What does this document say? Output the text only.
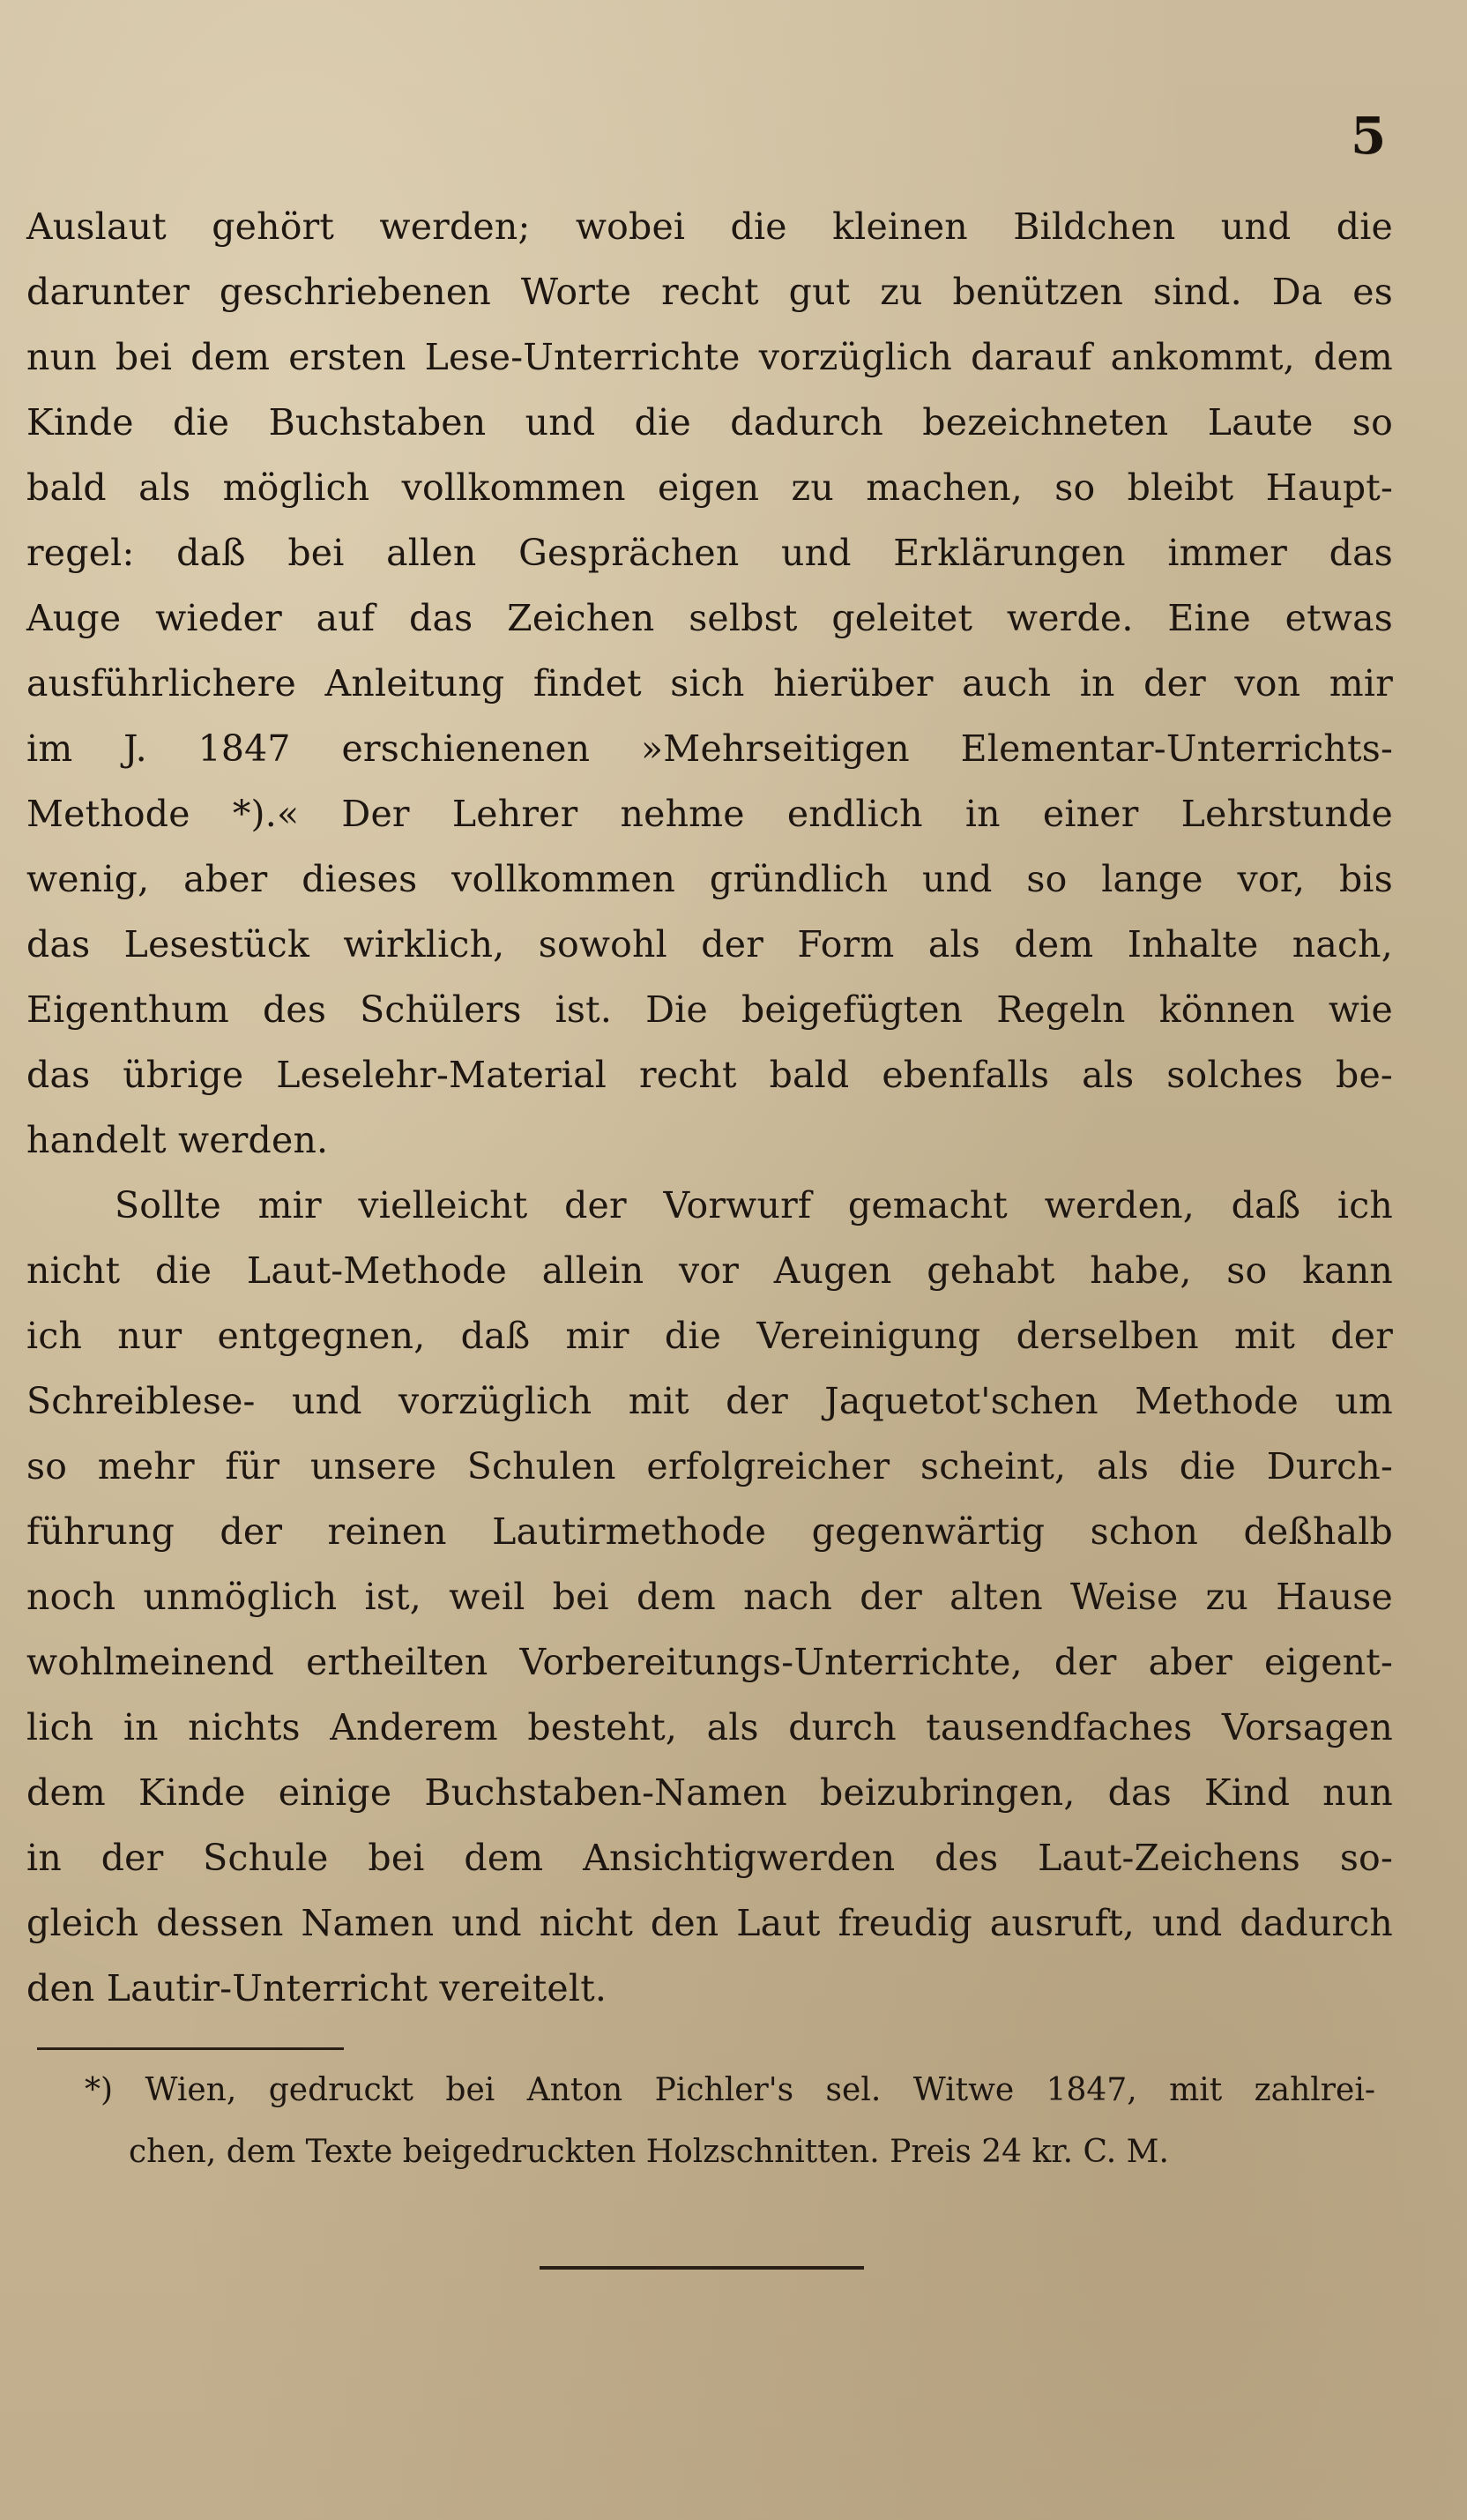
5
Auslaut gehört werden; wobei die kleinen Bildchen und die
darunter geschriebenen Worte recht gut zu benützen sind. Da es
nun bei dem ersten Lese-Unterrichte vorzüglich darauf ankommt, dem
Kinde die Buchstaben und die dadurch bezeichneten Laute so
bald als möglich vollkommen eigen zu machen, so bleibt Haupt-
regel: daß bei allen Gesprächen und Erklärungen immer das
Auge wieder auf das Zeichen selbst geleitet werde. Eine etwas
ausführlichere Anleitung findet sich hierüber auch in der von mir
im J. 1847 erschienenen »Mehrseitigen Elementar-Unterrichts-
Methode *).« Der Lehrer nehme endlich in einer Lehrstunde
wenig, aber dieses vollkommen gründlich und so lange vor, bis
das Lesestück wirklich, sowohl der Form als dem Inhalte nach,
Eigenthum des Schülers ist. Die beigefügten Regeln können wie
das übrige Leselehr-Material recht bald ebenfalls als solches be-
handelt werden.
Sollte mir vielleicht der Vorwurf gemacht werden, daß ich
nicht die Laut-Methode allein vor Augen gehabt habe, so kann
ich nur entgegnen, daß mir die Vereinigung derselben mit der
Schreiblese- und vorzüglich mit der Jaquetot'schen Methode um
so mehr für unsere Schulen erfolgreicher scheint, als die Durch-
führung der reinen Lautirmethode gegenwärtig schon deßhalb
noch unmöglich ist, weil bei dem nach der alten Weise zu Hause
wohlmeinend ertheilten Vorbereitungs-Unterrichte, der aber eigent-
lich in nichts Anderem besteht, als durch tausendfaches Vorsagen
dem Kinde einige Buchstaben-Namen beizubringen, das Kind nun
in der Schule bei dem Ansichtigwerden des Laut-Zeichens so-
gleich dessen Namen und nicht den Laut freudig ausruft, und dadurch
den Lautir-Unterricht vereitelt.
*) Wien, gedruckt bei Anton Pichler's sel. Witwe 1847, mit zahlrei-
chen, dem Texte beigedruckten Holzschnitten. Preis 24 kr. C. M.
